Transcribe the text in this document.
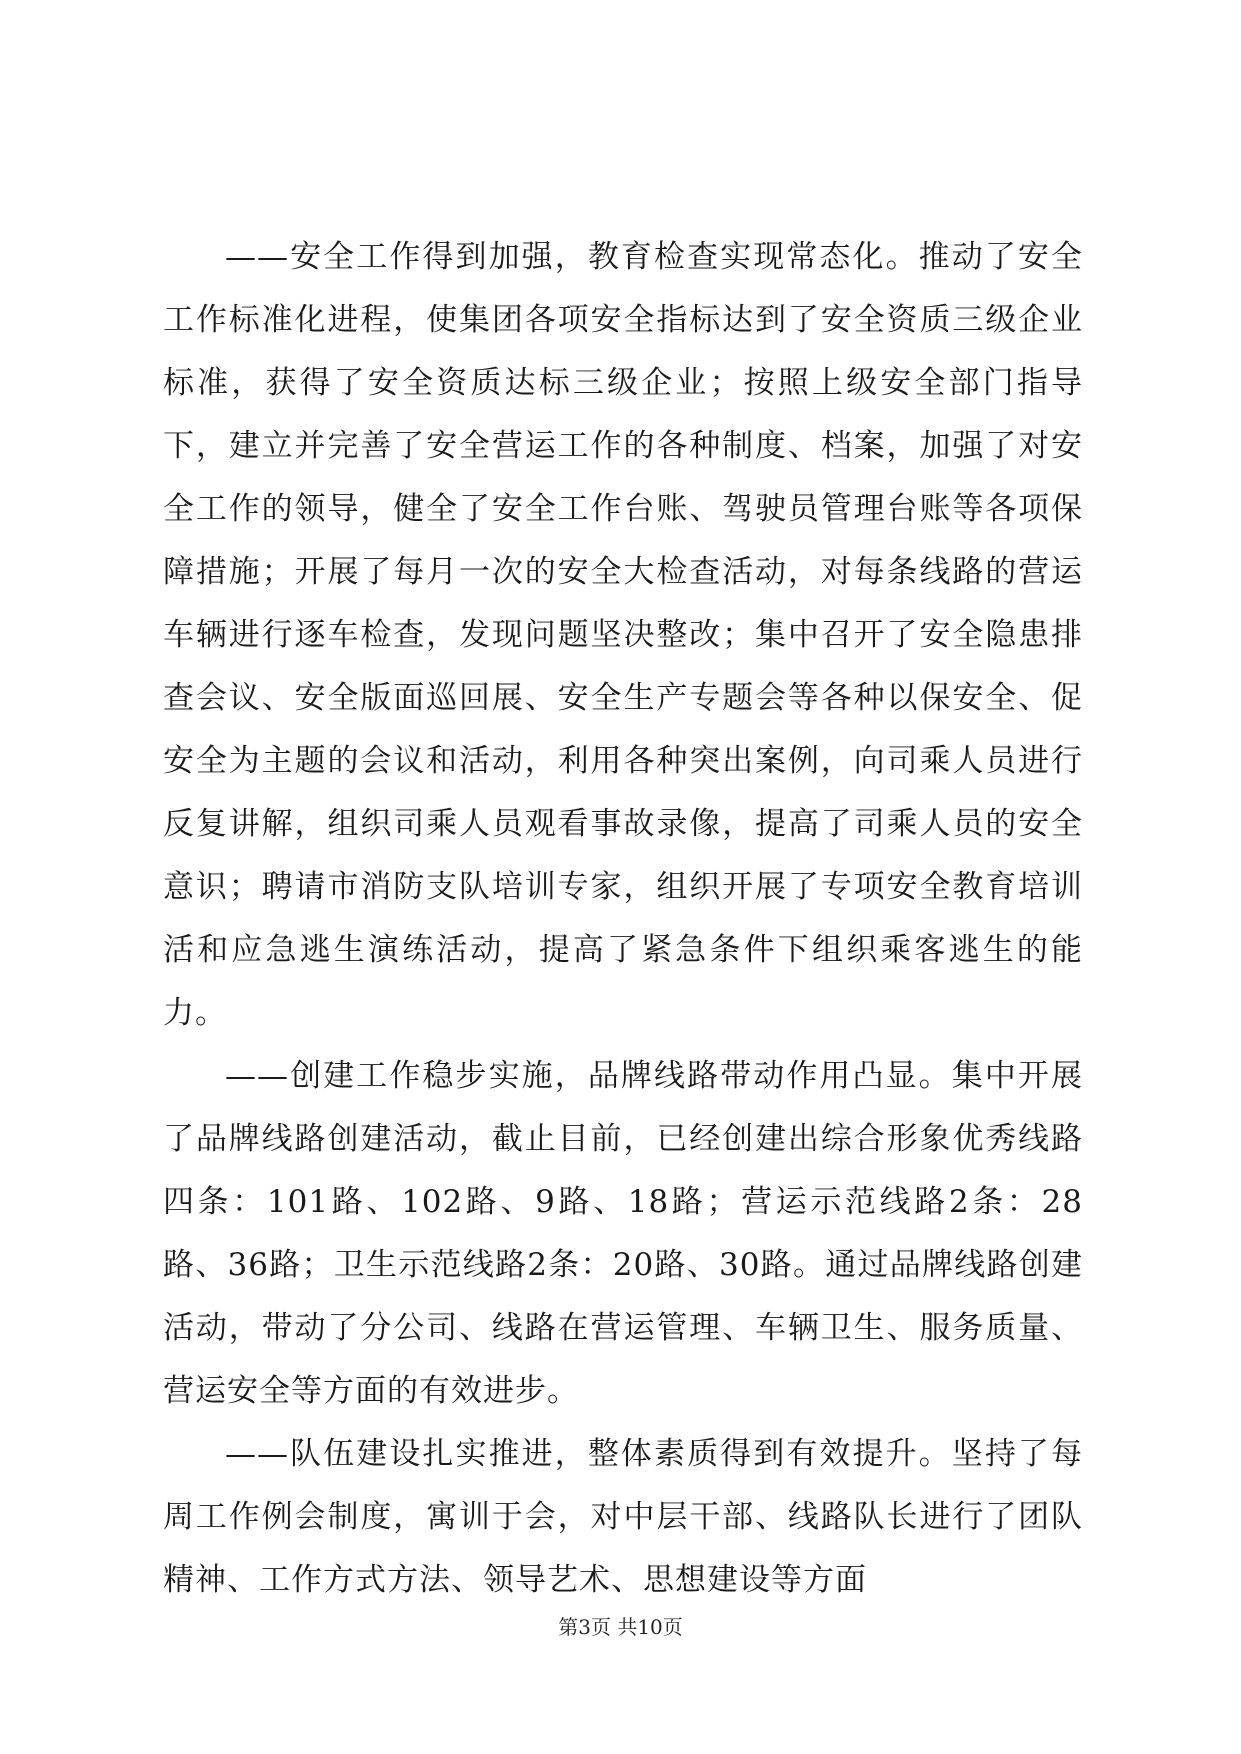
——安全工作得到加强，教育检查实现常态化。推动了安全工作标准化进程，使集团各项安全指标达到了安全资质三级企业标准，获得了安全资质达标三级企业；按照上级安全部门指导下，建立并完善了安全营运工作的各种制度、档案，加强了对安全工作的领导，健全了安全工作台账、驾驶员管理台账等各项保障措施；开展了每月一次的安全大检查活动，对每条线路的营运车辆进行逐车检查，发现问题坚决整改；集中召开了安全隐患排查会议、安全版面巡回展、安全生产专题会等各种以保安全、促安全为主题的会议和活动，利用各种突出案例，向司乘人员进行反复讲解，组织司乘人员观看事故录像，提高了司乘人员的安全意识；聘请市消防支队培训专家，组织开展了专项安全教育培训活和应急逃生演练活动，提高了紧急条件下组织乘客逃生的能力。

——创建工作稳步实施，品牌线路带动作用凸显。集中开展了品牌线路创建活动，截止目前，已经创建出综合形象优秀线路四条：101路、102路、9路、18路；营运示范线路2条：28路、36路；卫生示范线路2条：20路、30路。通过品牌线路创建活动，带动了分公司、线路在营运管理、车辆卫生、服务质量、营运安全等方面的有效进步。

——队伍建设扎实推进，整体素质得到有效提升。坚持了每周工作例会制度，寓训于会，对中层干部、线路队长进行了团队精神、工作方式方法、领导艺术、思想建设等方面

第3页 共10页
